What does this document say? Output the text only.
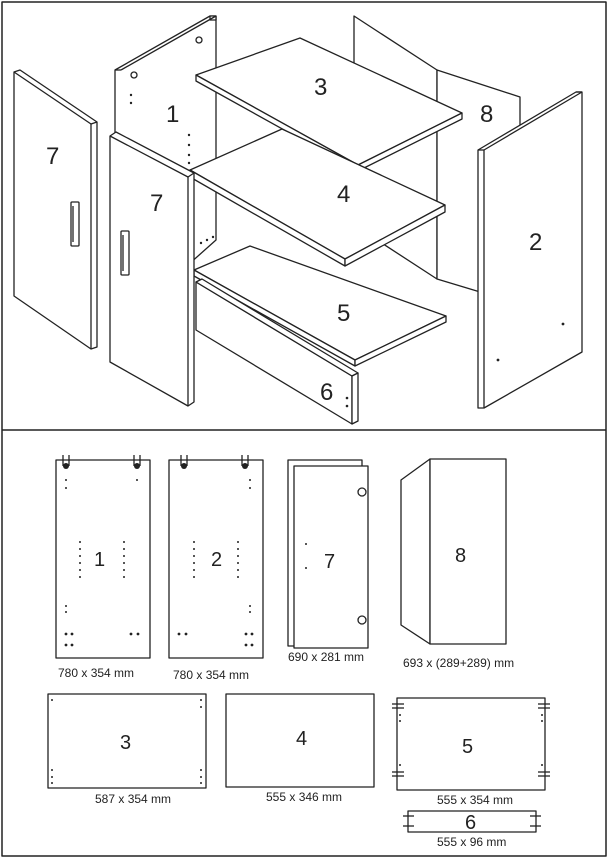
8
1
3
4
5
6
2
7
7
1
780 x 354 mm
2
780 x 354 mm
7
690 x 281 mm
8
693 x (289+289) mm
3
587 x 354 mm
4
555 x 346 mm
5
555 x 354 mm
6
555 x 96 mm
